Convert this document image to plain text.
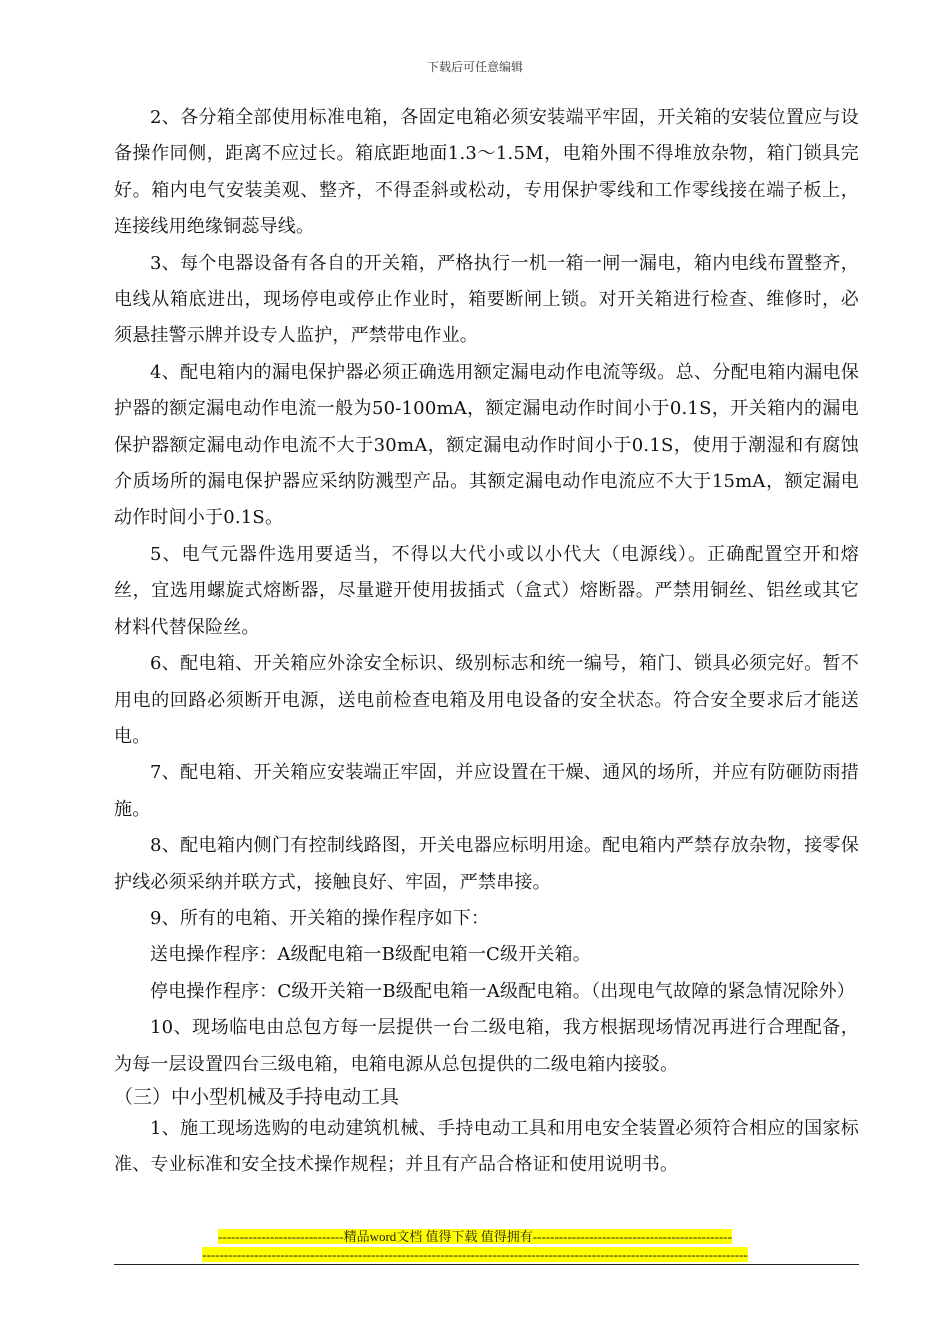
下载后可任意编辑

2、各分箱全部使用标准电箱，各固定电箱必须安装端平牢固，开关箱的安装位置应与设备操作同侧，距离不应过长。箱底距地面1.3～1.5M，电箱外围不得堆放杂物，箱门锁具完好。箱内电气安装美观、整齐，不得歪斜或松动，专用保护零线和工作零线接在端子板上，连接线用绝缘铜蕊导线。

3、每个电器设备有各自的开关箱，严格执行一机一箱一闸一漏电，箱内电线布置整齐，电线从箱底进出，现场停电或停止作业时，箱要断闸上锁。对开关箱进行检查、维修时，必须悬挂警示牌并设专人监护，严禁带电作业。

4、配电箱内的漏电保护器必须正确选用额定漏电动作电流等级。总、分配电箱内漏电保护器的额定漏电动作电流一般为50-100mA，额定漏电动作时间小于0.1S，开关箱内的漏电保护器额定漏电动作电流不大于30mA，额定漏电动作时间小于0.1S，使用于潮湿和有腐蚀介质场所的漏电保护器应采纳防溅型产品。其额定漏电动作电流应不大于15mA，额定漏电动作时间小于0.1S。

5、电气元器件选用要适当，不得以大代小或以小代大（电源线）。正确配置空开和熔丝，宜选用螺旋式熔断器，尽量避开使用拔插式（盒式）熔断器。严禁用铜丝、铝丝或其它材料代替保险丝。

6、配电箱、开关箱应外涂安全标识、级别标志和统一编号，箱门、锁具必须完好。暂不用电的回路必须断开电源，送电前检查电箱及用电设备的安全状态。符合安全要求后才能送电。

7、配电箱、开关箱应安装端正牢固，并应设置在干燥、通风的场所，并应有防砸防雨措施。

8、配电箱内侧门有控制线路图，开关电器应标明用途。配电箱内严禁存放杂物，接零保护线必须采纳并联方式，接触良好、牢固，严禁串接。

9、所有的电箱、开关箱的操作程序如下：

送电操作程序：A级配电箱一B级配电箱一C级开关箱。

停电操作程序：C级开关箱一B级配电箱一A级配电箱。（出现电气故障的紧急情况除外）

10、现场临电由总包方每一层提供一台二级电箱，我方根据现场情况再进行合理配备，为每一层设置四台三级电箱，电箱电源从总包提供的二级电箱内接驳。

（三）中小型机械及手持电动工具

1、施工现场选购的电动建筑机械、手持电动工具和用电安全装置必须符合相应的国家标准、专业标准和安全技术操作规程；并且有产品合格证和使用说明书。

-----------------------------精品word文档 值得下载 值得拥有----------------------------------------------
------------------------------------------------------------------------------------------------------------------------------
